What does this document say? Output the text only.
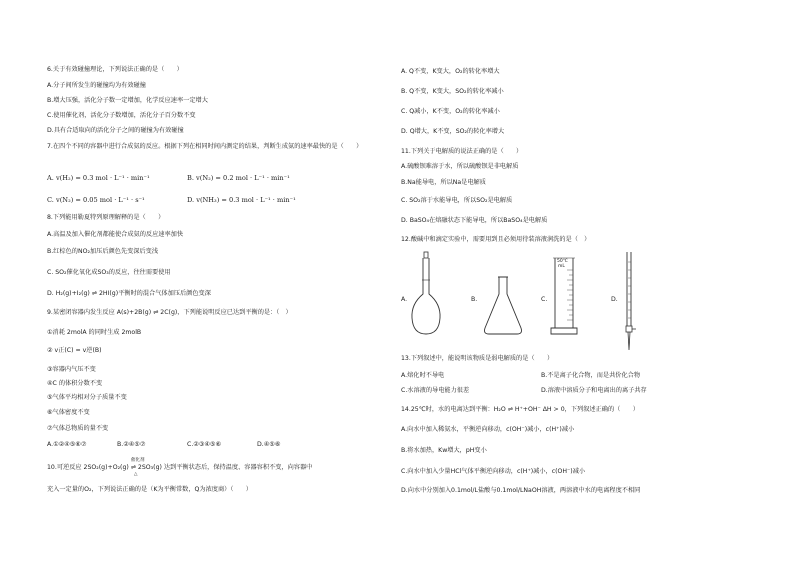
6.关于有效碰撞理论，下列说法正确的是（　　）
A.分子间所发生的碰撞均为有效碰撞
B.增大压强，活化分子数一定增加，化学反应速率一定增大
C.使用催化剂，活化分子数增加，活化分子百分数不变
D.具有合适取向的活化分子之间的碰撞为有效碰撞
7.在四个不同的容器中进行合成氨的反应。根据下列在相同时间内测定的结果，判断生成氨的速率最快的是（　　）
A. v(H₂) = 0.3 mol · L⁻¹ · min⁻¹	B. v(N₂) = 0.2 mol · L⁻¹ · min⁻¹
C. v(N₂) = 0.05 mol · L⁻¹ · s⁻¹	D. v(NH₃) = 0.3 mol · L⁻¹ · min⁻¹
8.下列能用勒夏特列原理解释的是（　　）
A.高温及加入催化剂都能使合成氨的反应速率加快
B.红棕色的NO₂加压后颜色先变深后变浅
C. SO₂催化氧化成SO₃的反应，往往需要使用
D. H₂(g)+I₂(g) ⇌ 2HI(g)平衡时的混合气体加压后颜色变深
9.某密闭容器内发生反应 A(s)+2B(g) ⇌ 2C(g)，下列能说明反应已达到平衡的是：（　）
①消耗 2molA 的同时生成 2molB
② v正(C) = v逆(B)
③容器内气压不变
④C 的体积分数不变
⑤气体平均相对分子质量不变
⑥气体密度不变
⑦气体总物质的量不变
A.①②④⑤⑥⑦	B.②④⑤⑦	C.②③④⑤⑥	D.④⑤⑥
10.可逆反应 2SO₂(g)+O₂(g) ⇌ 2SO₃(g) 达到平衡状态后，保持温度、容器容积不变，向容器中
催化剂
△
充入一定量的O₂，下列说法正确的是（K为平衡常数，Q为浓度商）（　　）
A. Q不变，K变大，O₂的转化率增大
B. Q不变，K变大，SO₂的转化率减小
C. Q减小，K不变，O₂的转化率减小
D. Q增大，K不变，SO₂的转化率增大
11.下列关于电解质的说法正确的是（　　）
A.硫酸钡难溶于水，所以硫酸钡是非电解质
B.Na能导电，所以Na是电解质
C. SO₂溶于水能导电，所以SO₂是电解质
D. BaSO₄在熔融状态下能导电，所以BaSO₄是电解质
12.酸碱中和滴定实验中，需要用到且必须用待装溶液润洗的是（　）
A.	B.	C.	D.
50℃
mL
13.下列叙述中，能说明该物质是弱电解质的是（　　）
A.熔化时不导电	B.不是离子化合物，而是共价化合物
C.水溶液的导电能力很差	D.溶液中溶质分子和电离出的离子共存
14.25℃时，水的电离达到平衡：H₂O ⇌ H⁺+OH⁻ ΔH > 0，下列叙述正确的（　　）
A.向水中加入稀氨水，平衡逆向移动，c(OH⁻)减小，c(H⁺)减小
B.将水加热，Kw增大，pH变小
C.向水中加入少量HCl气体平衡逆向移动，c(H⁺)减小，c(OH⁻)减小
D.向水中分别加入0.1mol/L盐酸与0.1mol/LNaOH溶液，两溶液中水的电离程度不相同
